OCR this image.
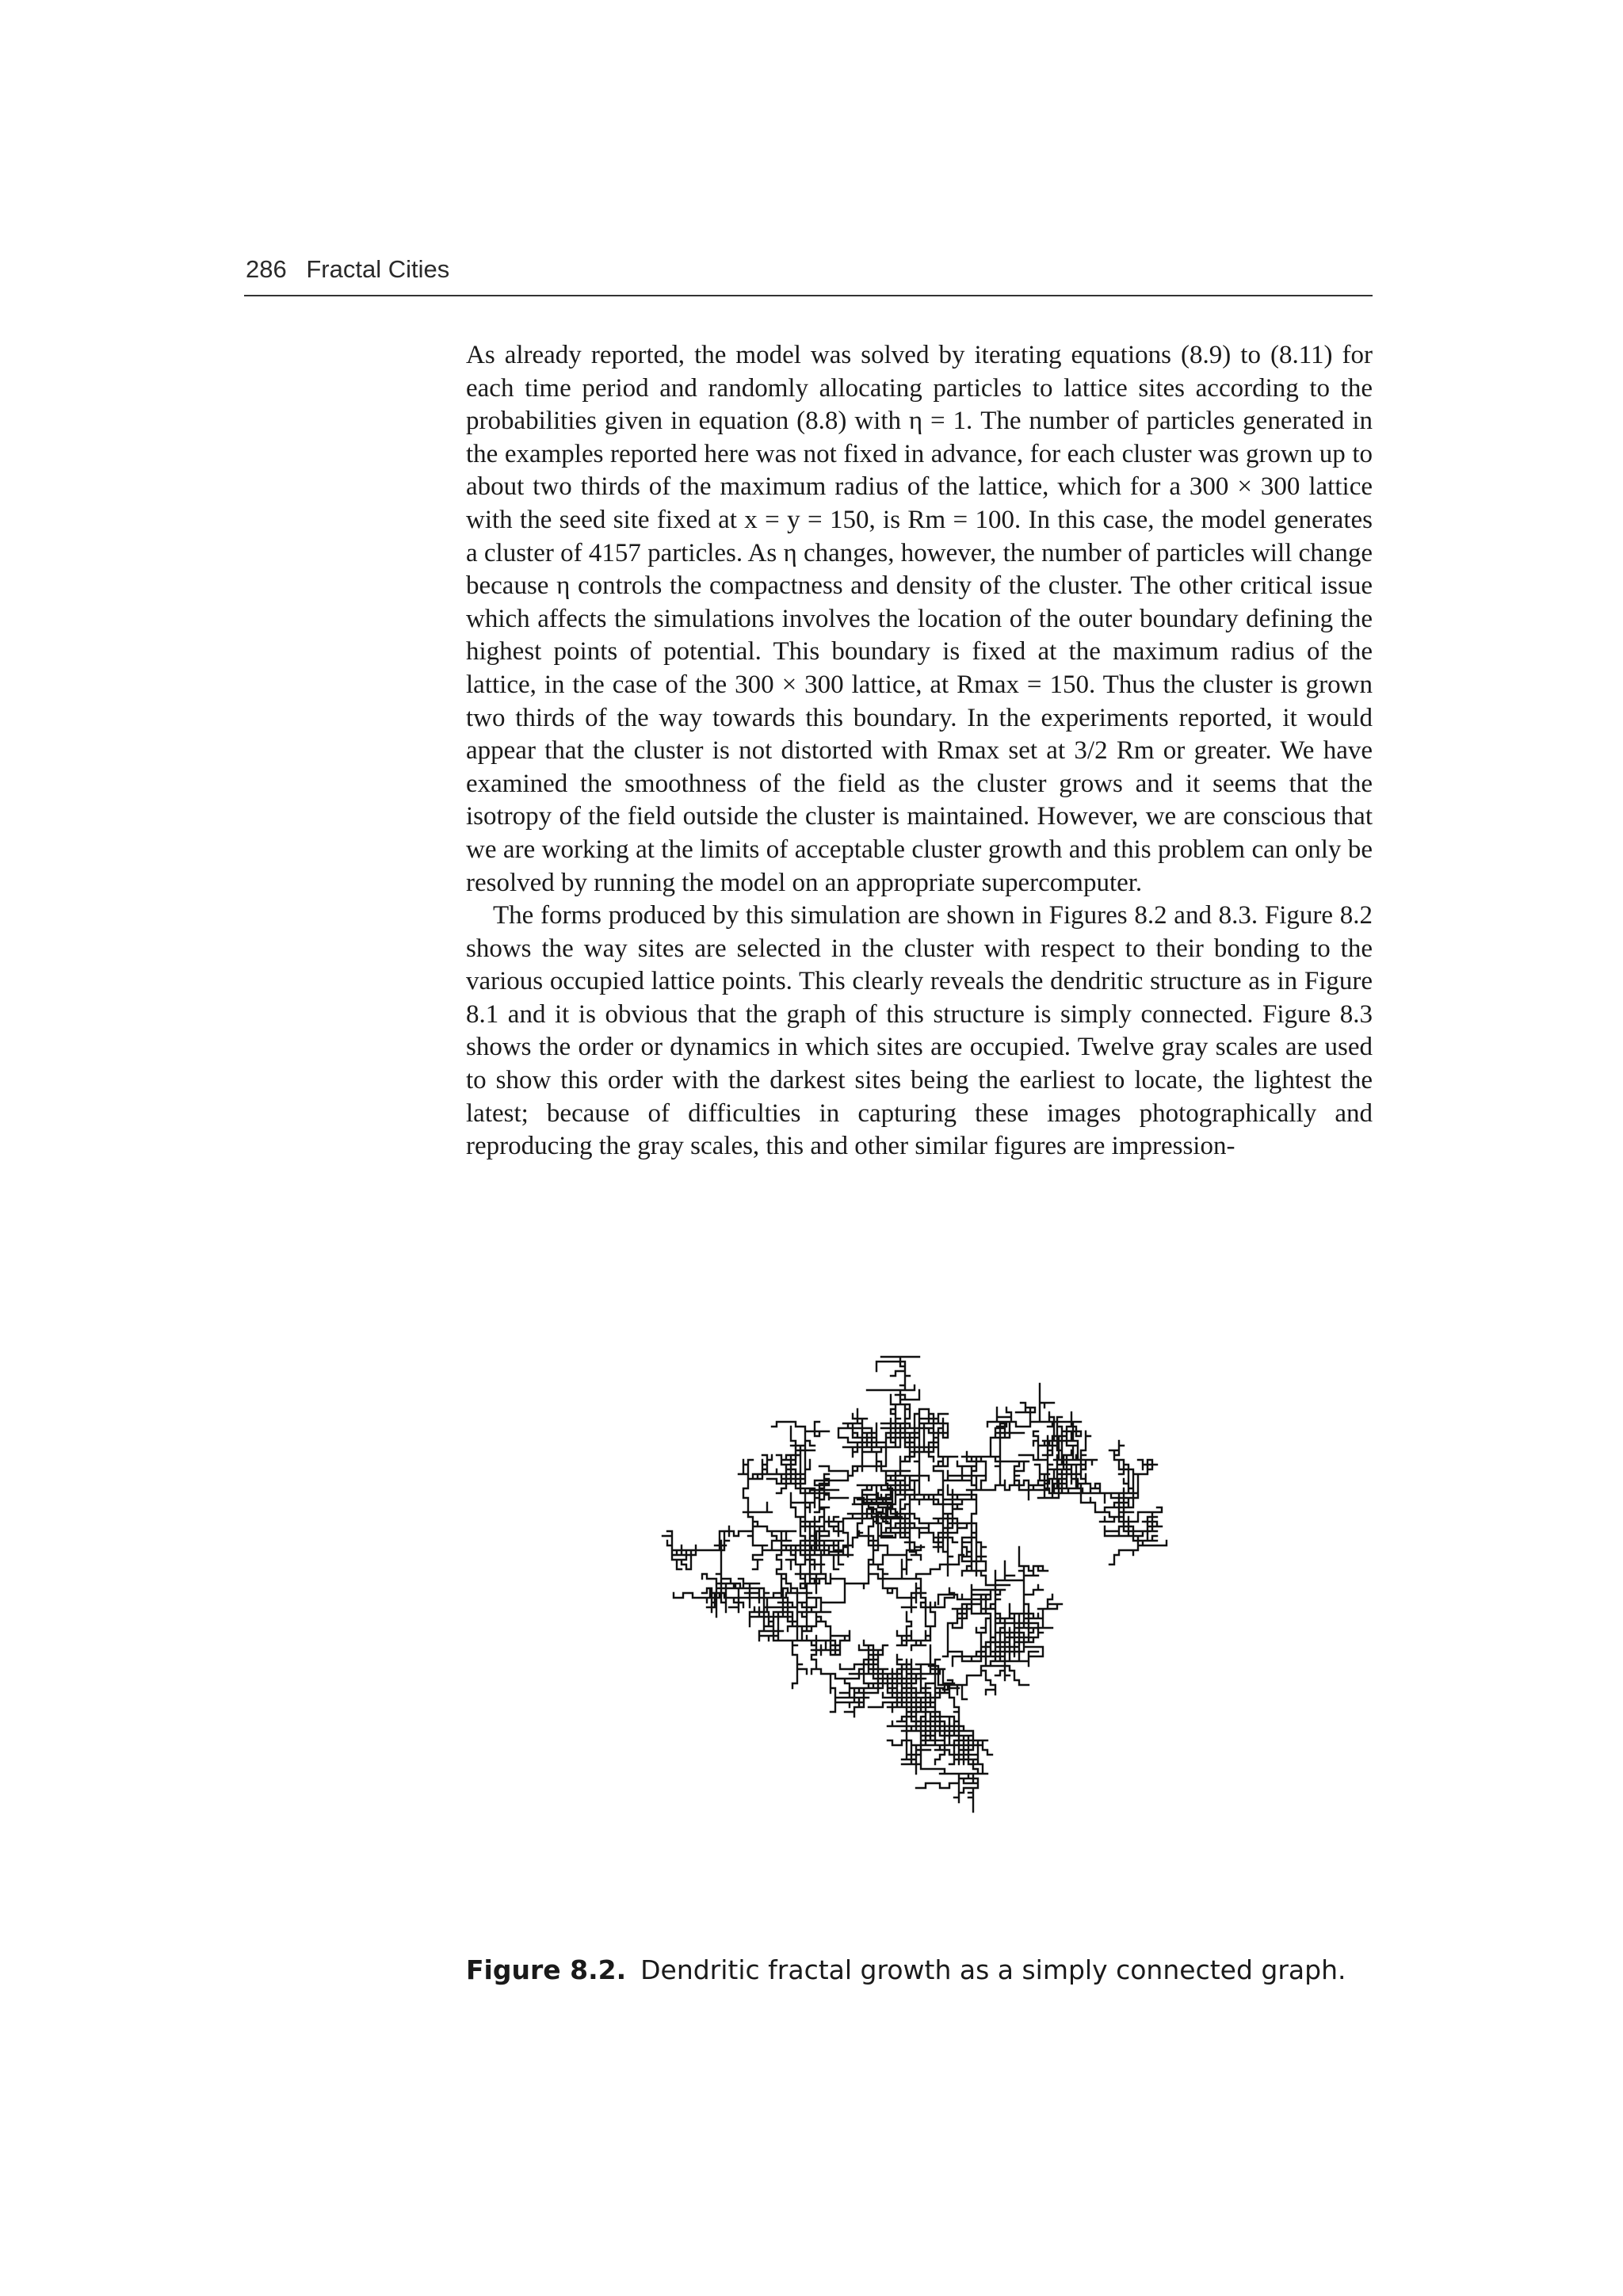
286 Fractal Cities

As already reported, the model was solved by iterating equations (8.9) to (8.11) for each time period and randomly allocating particles to lattice sites according to the probabilities given in equation (8.8) with η = 1. The number of particles generated in the examples reported here was not fixed in advance, for each cluster was grown up to about two thirds of the maximum radius of the lattice, which for a 300 × 300 lattice with the seed site fixed at x = y = 150, is Rm = 100. In this case, the model generates a cluster of 4157 particles. As η changes, however, the number of particles will change because η controls the compactness and density of the cluster. The other critical issue which affects the simulations involves the location of the outer boundary defining the highest points of potential. This boundary is fixed at the maximum radius of the lattice, in the case of the 300 × 300 lattice, at Rmax = 150. Thus the cluster is grown two thirds of the way towards this boundary. In the experiments reported, it would appear that the cluster is not distorted with Rmax set at 3/2 Rm or greater. We have examined the smoothness of the field as the cluster grows and it seems that the isotropy of the field outside the cluster is maintained. However, we are conscious that we are working at the limits of acceptable cluster growth and this problem can only be resolved by running the model on an appropriate supercomputer.

The forms produced by this simulation are shown in Figures 8.2 and 8.3. Figure 8.2 shows the way sites are selected in the cluster with respect to their bonding to the various occupied lattice points. This clearly reveals the dendritic structure as in Figure 8.1 and it is obvious that the graph of this structure is simply connected. Figure 8.3 shows the order or dynamics in which sites are occupied. Twelve gray scales are used to show this order with the darkest sites being the earliest to locate, the lightest the latest; because of difficulties in capturing these images photographically and reproducing the gray scales, this and other similar figures are impression-

Figure 8.2. Dendritic fractal growth as a simply connected graph.
